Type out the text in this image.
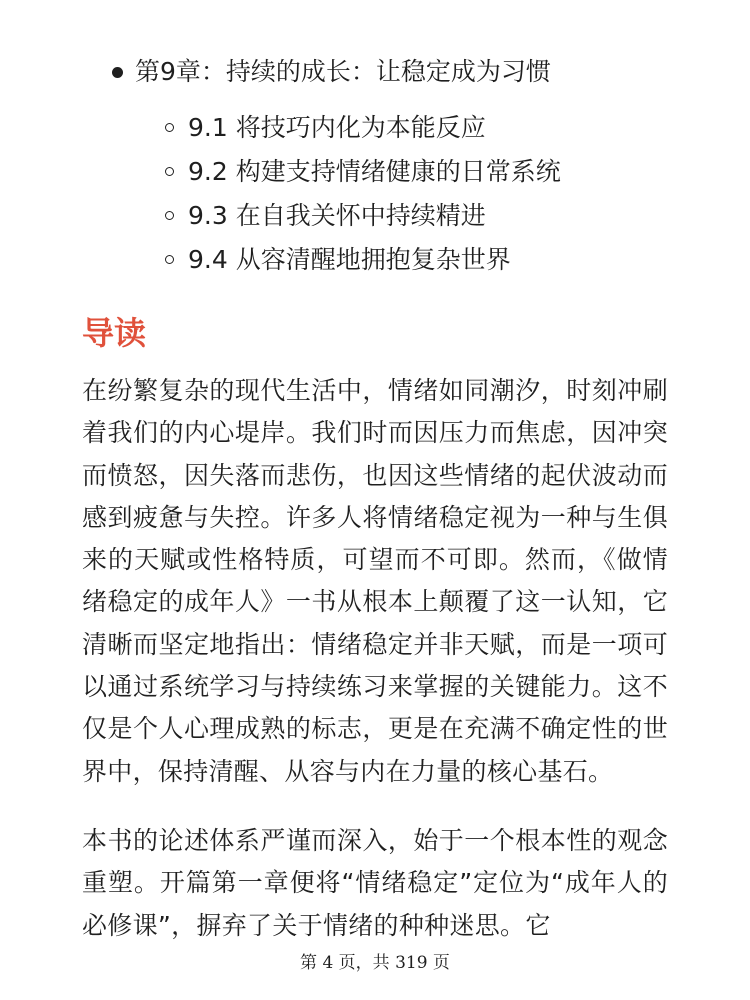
第9章：持续的成长：让稳定成为习惯
9.1 将技巧内化为本能反应
9.2 构建支持情绪健康的日常系统
9.3 在自我关怀中持续精进
9.4 从容清醒地拥抱复杂世界
导读

在纷繁复杂的现代生活中，情绪如同潮汐，时刻冲刷着我们的内心堤岸。我们时而因压力而焦虑，因冲突而愤怒，因失落而悲伤，也因这些情绪的起伏波动而感到疲惫与失控。许多人将情绪稳定视为一种与生俱来的天赋或性格特质，可望而不可即。然而，《做情绪稳定的成年人》一书从根本上颠覆了这一认知，它清晰而坚定地指出：情绪稳定并非天赋，而是一项可以通过系统学习与持续练习来掌握的关键能力。这不仅是个人心理成熟的标志，更是在充满不确定性的世界中，保持清醒、从容与内在力量的核心基石。

本书的论述体系严谨而深入，始于一个根本性的观念重塑。开篇第一章便将“情绪稳定”定位为“成年人的必修课”，摒弃了关于情绪的种种迷思。它

第 4 页，共 319 页
